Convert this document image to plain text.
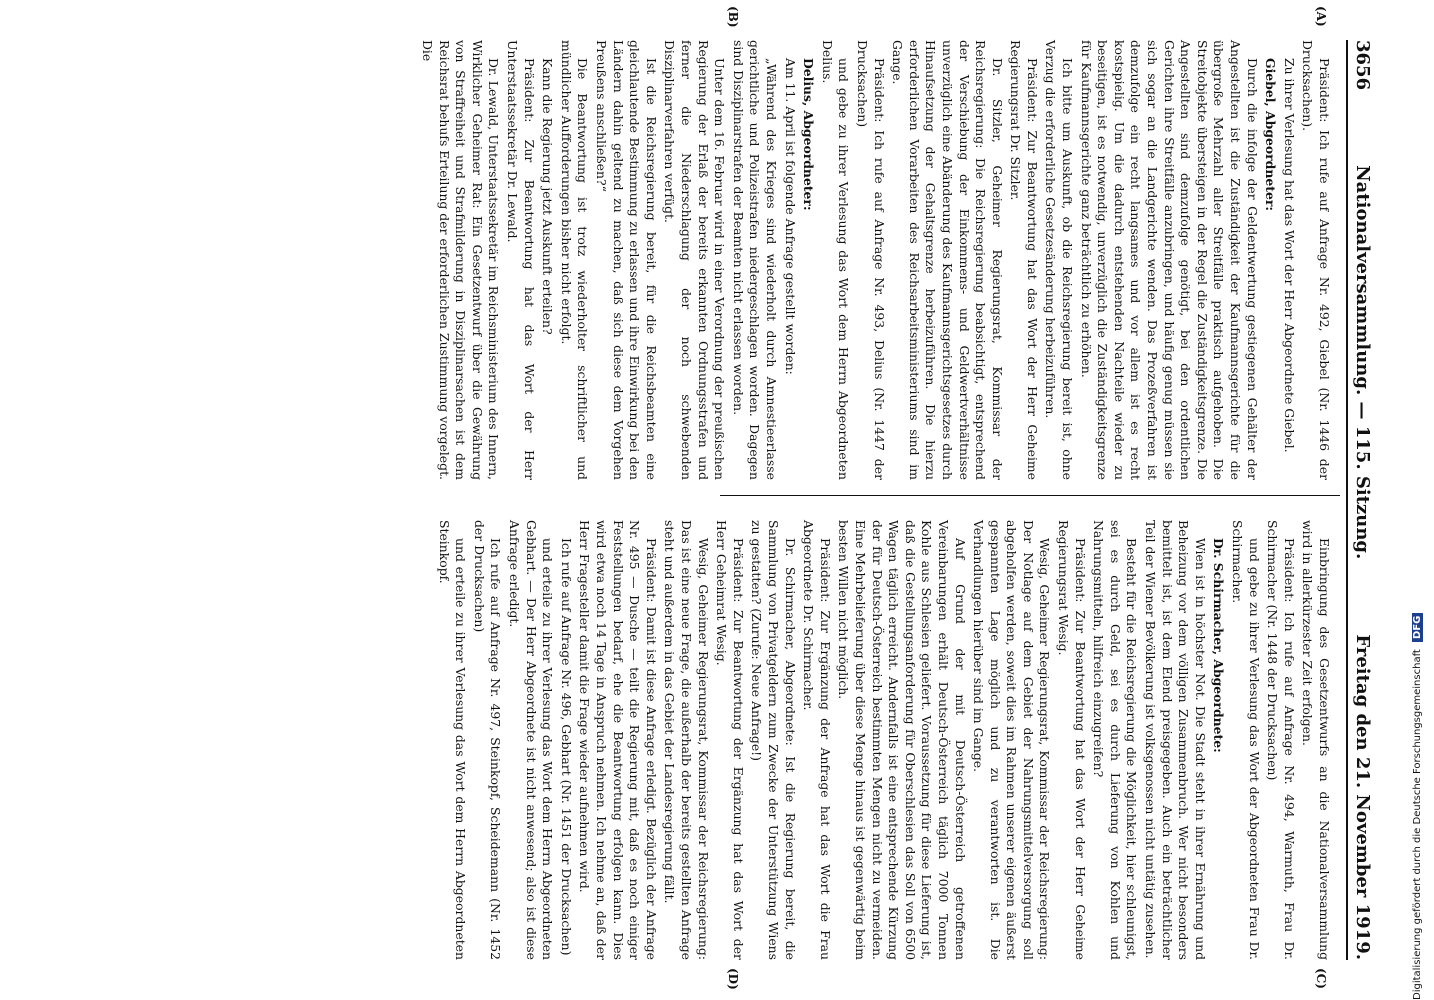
3656
Nationalversammlung. — 115. Sitzung.
Freitag den 21. November 1919.
(A)
(B)
(C)
(D)

Präsident: Ich rufe auf Anfrage Nr. 492, Giebel (Nr. 1446 der Drucksachen).

Zu ihrer Verlesung hat das Wort der Herr Abgeordnete Giebel.

Giebel, Abgeordneter:

Durch die infolge der Geldentwertung gestiegenen Gehälter der Angestellten ist die Zuständigkeit der Kaufmannsgerichte für die übergroße Mehrzahl aller Streitfälle praktisch aufgehoben. Die Streitobjekte übersteigen in der Regel die Zuständigkeitsgrenze. Die Angestellten sind demzufolge genötigt, bei den ordentlichen Gerichten ihre Streitfälle anzubringen, und häufig genug müssen sie sich sogar an die Landgerichte wenden. Das Prozeßverfahren ist demzufolge ein recht langsames und vor allem ist es recht kostspielig. Um die dadurch entstehenden Nachteile wieder zu beseitigen, ist es notwendig, unverzüglich die Zuständigkeitsgrenze für Kaufmannsgerichte ganz beträchtlich zu erhöhen.

Ich bitte um Auskunft, ob die Reichsregierung bereit ist, ohne Verzug die erforderliche Gesetzesänderung herbeizuführen.

Präsident: Zur Beantwortung hat das Wort der Herr Geheime Regierungsrat Dr. Sitzler.

Dr. Sitzler, Geheimer Regierungsrat, Kommissar der Reichsregierung: Die Reichsregierung beabsichtigt, entsprechend der Verschiebung der Einkommens- und Geldwertverhältnisse unverzüglich eine Abänderung des Kaufmannsgerichtsgesetzes durch Hinaufsetzung der Gehaltsgrenze herbeizuführen. Die hierzu erforderlichen Vorarbeiten des Reichsarbeitsministeriums sind im Gange.

Präsident: Ich rufe auf Anfrage Nr. 493, Delius (Nr. 1447 der Drucksachen)

und gebe zu ihrer Verlesung das Wort dem Herrn Abgeordneten Delius.

Delius, Abgeordneter:

Am 11. April ist folgende Anfrage gestellt worden:

„Während des Krieges sind wiederholt durch Amnestieerlasse gerichtliche und Polizeistrafen niedergeschlagen worden. Dagegen sind Disziplinarstrafen der Beamten nicht erlassen worden.

Unter dem 16. Februar wird in einer Verordnung der preußischen Regierung der Erlaß der bereits erkannten Ordnungsstrafen und ferner die Niederschlagung der noch schwebenden Disziplinarverfahren verfügt.

Ist die Reichsregierung bereit, für die Reichsbeamten eine gleichlautende Bestimmung zu erlassen und ihre Einwirkung bei den Ländern dahin geltend zu machen, daß sich diese dem Vorgehen Preußens anschließen?“

Die Beantwortung ist trotz wiederholter schriftlicher und mündlicher Aufforderungen bisher nicht erfolgt.

Kann die Regierung jetzt Auskunft erteilen?

Präsident: Zur Beantwortung hat das Wort der Herr Unterstaatssekretär Dr. Lewald.

Dr. Lewald, Unterstaatssekretär im Reichsministerium des Innern, Wirklicher Geheimer Rat: Ein Gesetzentwurf über die Gewährung von Straffreiheit und Strafmilderung in Disziplinarsachen ist dem Reichsrat behufs Erteilung der erforderlichen Zustimmung vorgelegt. Die

Einbringung des Gesetzentwurfs an die Nationalversammlung wird in allerkürzester Zeit erfolgen.

Präsident: Ich rufe auf Anfrage Nr. 494, Warmuth, Frau Dr. Schirmacher (Nr. 1448 der Drucksachen)

und gebe zu ihrer Verlesung das Wort der Abgeordneten Frau Dr. Schirmacher.

Dr. Schirmacher, Abgeordnete:

Wien ist in höchster Not. Die Stadt steht in ihrer Ernährung und Beheizung vor dem völligen Zusammenbruch. Wer nicht besonders bemittelt ist, ist dem Elend preisgegeben. Auch ein beträchtlicher Teil der Wiener Bevölkerung ist volksgenossen nicht untätig zusehen.

Besteht für die Reichsregierung die Möglichkeit, hier schleunigst, sei es durch Geld, sei es durch Lieferung von Kohlen und Nahrungsmitteln, hilfreich einzugreifen?

Präsident: Zur Beantwortung hat das Wort der Herr Geheime Regierungsrat Wesig.

Wesig, Geheimer Regierungsrat, Kommissar der Reichsregierung: Der Notlage auf dem Gebiet der Nahrungsmittelversorgung soll abgeholfen werden, soweit dies im Rahmen unserer eigenen äußerst gespannten Lage möglich und zu verantworten ist. Die Verhandlungen hierüber sind im Gange.

Auf Grund der mit Deutsch-Österreich getroffenen Vereinbarungen erhält Deutsch-Österreich täglich 7000 Tonnen Kohle aus Schlesien geliefert. Voraussetzung für diese Lieferung ist, daß die Gestellungsanforderung für Oberschlesien das Soll von 6500 Wagen täglich erreicht. Andernfalls ist eine entsprechende Kürzung der für Deutsch-Österreich bestimmten Mengen nicht zu vermeiden. Eine Mehrbelieferung über diese Menge hinaus ist gegenwärtig beim besten Willen nicht möglich.

Präsident: Zur Ergänzung der Anfrage hat das Wort die Frau Abgeordnete Dr. Schirmacher.

Dr. Schirmacher, Abgeordnete: Ist die Regierung bereit, die Sammlung von Privatgeldern zum Zwecke der Unterstützung Wiens zu gestatten? (Zurufe: Neue Anfrage!)

Präsident: Zur Beantwortung der Ergänzung hat das Wort der Herr Geheimrat Wesig.

Wesig, Geheimer Regierungsrat, Kommissar der Reichsregierung: Das ist eine neue Frage, die außerhalb der bereits gestellten Anfrage steht und außerdem in das Gebiet der Landesregierung fällt.

Präsident: Damit ist diese Anfrage erledigt. Bezüglich der Anfrage Nr. 495 — Dusche — teilt die Regierung mit, daß es noch einiger Feststellungen bedarf, ehe die Beantwortung erfolgen kann. Dies wird etwa noch 14 Tage in Anspruch nehmen. Ich nehme an, daß der Herr Fragesteller damit die Frage wieder aufnehmen wird.

Ich rufe auf Anfrage Nr. 496, Gebhart (Nr. 1451 der Drucksachen)

und erteile zu ihrer Verlesung das Wort dem Herrn Abgeordneten Gebhart. — Der Herr Abgeordnete ist nicht anwesend; also ist diese Anfrage erledigt.

Ich rufe auf Anfrage Nr. 497, Steinkopf, Scheidemann (Nr. 1452 der Drucksachen)

und erteile zu ihrer Verlesung das Wort dem Herrn Abgeordneten Steinkopf.

Digitalisierung gefördert durch die Deutsche Forschungsgemeinschaft DFG
